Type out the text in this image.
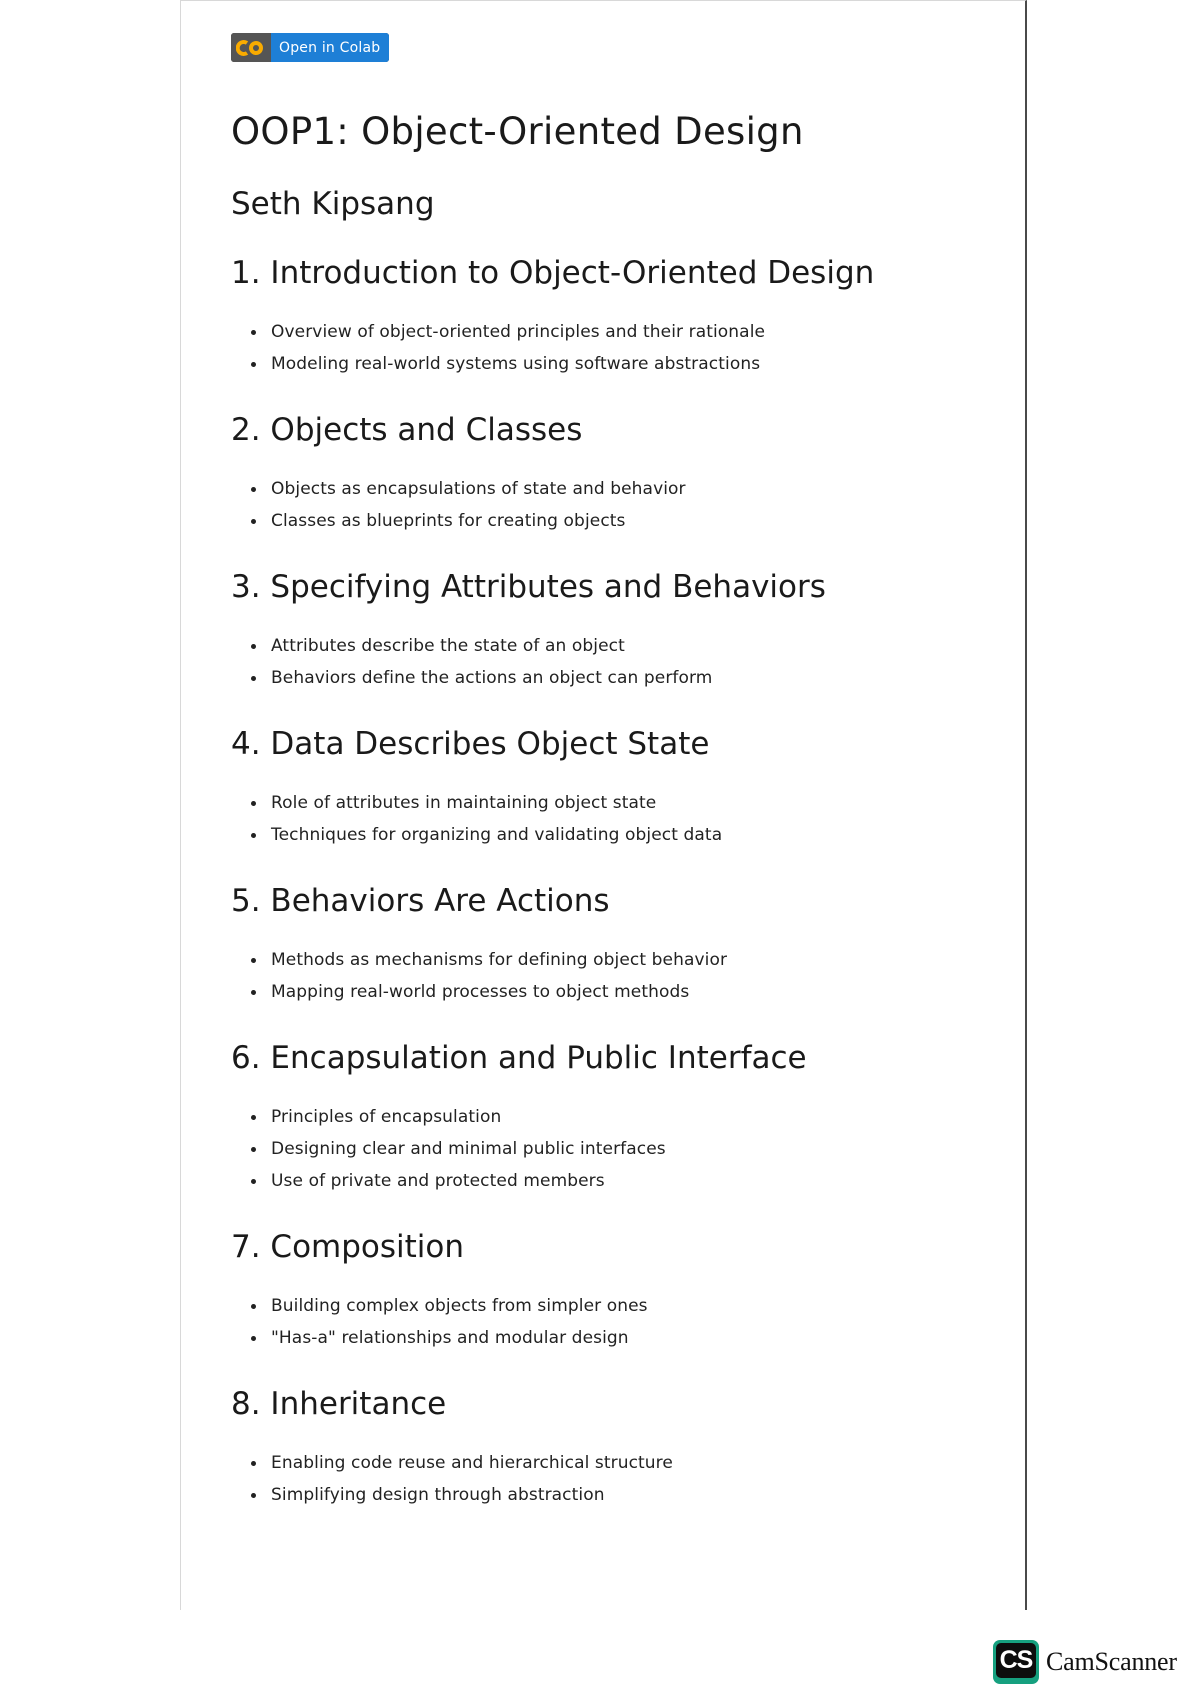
Open in Colab
OOP1: Object-Oriented Design
Seth Kipsang
1. Introduction to Object-Oriented Design
Overview of object-oriented principles and their rationale
Modeling real-world systems using software abstractions
2. Objects and Classes
Objects as encapsulations of state and behavior
Classes as blueprints for creating objects
3. Specifying Attributes and Behaviors
Attributes describe the state of an object
Behaviors define the actions an object can perform
4. Data Describes Object State
Role of attributes in maintaining object state
Techniques for organizing and validating object data
5. Behaviors Are Actions
Methods as mechanisms for defining object behavior
Mapping real-world processes to object methods
6. Encapsulation and Public Interface
Principles of encapsulation
Designing clear and minimal public interfaces
Use of private and protected members
7. Composition
Building complex objects from simpler ones
"Has-a" relationships and modular design
8. Inheritance
Enabling code reuse and hierarchical structure
Simplifying design through abstraction
CS CamScanner
